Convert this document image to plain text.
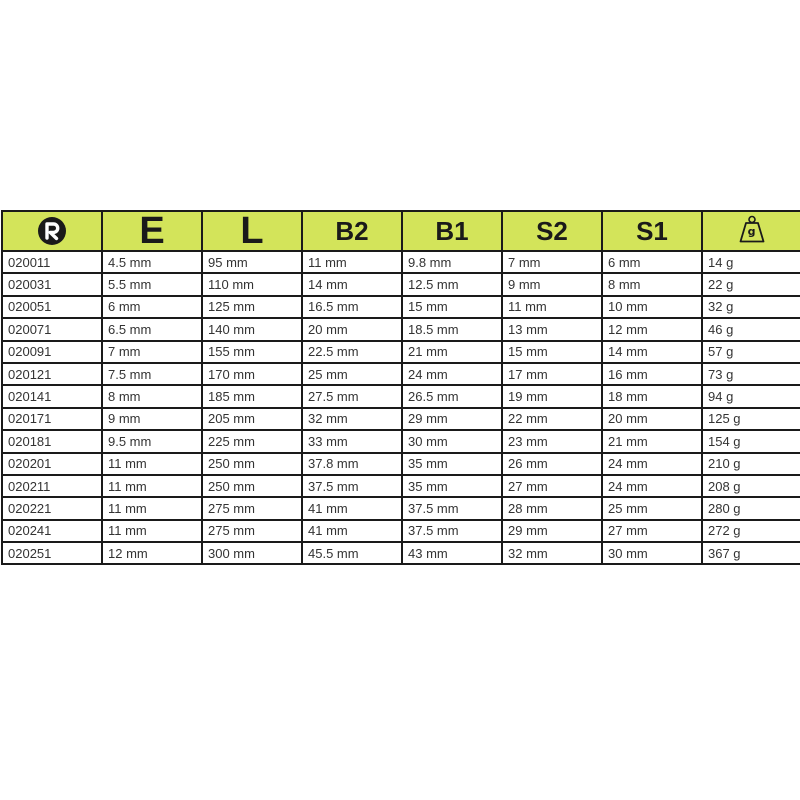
	E	L	B2	B1	S2	S1	g

020011	4.5 mm	95 mm	11 mm	9.8 mm	7 mm	6 mm	14 g
020031	5.5 mm	110 mm	14 mm	12.5 mm	9 mm	8 mm	22 g
020051	6 mm	125 mm	16.5 mm	15 mm	11 mm	10 mm	32 g
020071	6.5 mm	140 mm	20 mm	18.5 mm	13 mm	12 mm	46 g
020091	7 mm	155 mm	22.5 mm	21 mm	15 mm	14 mm	57 g
020121	7.5 mm	170 mm	25 mm	24 mm	17 mm	16 mm	73 g
020141	8 mm	185 mm	27.5 mm	26.5 mm	19 mm	18 mm	94 g
020171	9 mm	205 mm	32 mm	29 mm	22 mm	20 mm	125 g
020181	9.5 mm	225 mm	33 mm	30 mm	23 mm	21 mm	154 g
020201	11 mm	250 mm	37.8 mm	35 mm	26 mm	24 mm	210 g
020211	11 mm	250 mm	37.5 mm	35 mm	27 mm	24 mm	208 g
020221	11 mm	275 mm	41 mm	37.5 mm	28 mm	25 mm	280 g
020241	11 mm	275 mm	41 mm	37.5 mm	29 mm	27 mm	272 g
020251	12 mm	300 mm	45.5 mm	43 mm	32 mm	30 mm	367 g
